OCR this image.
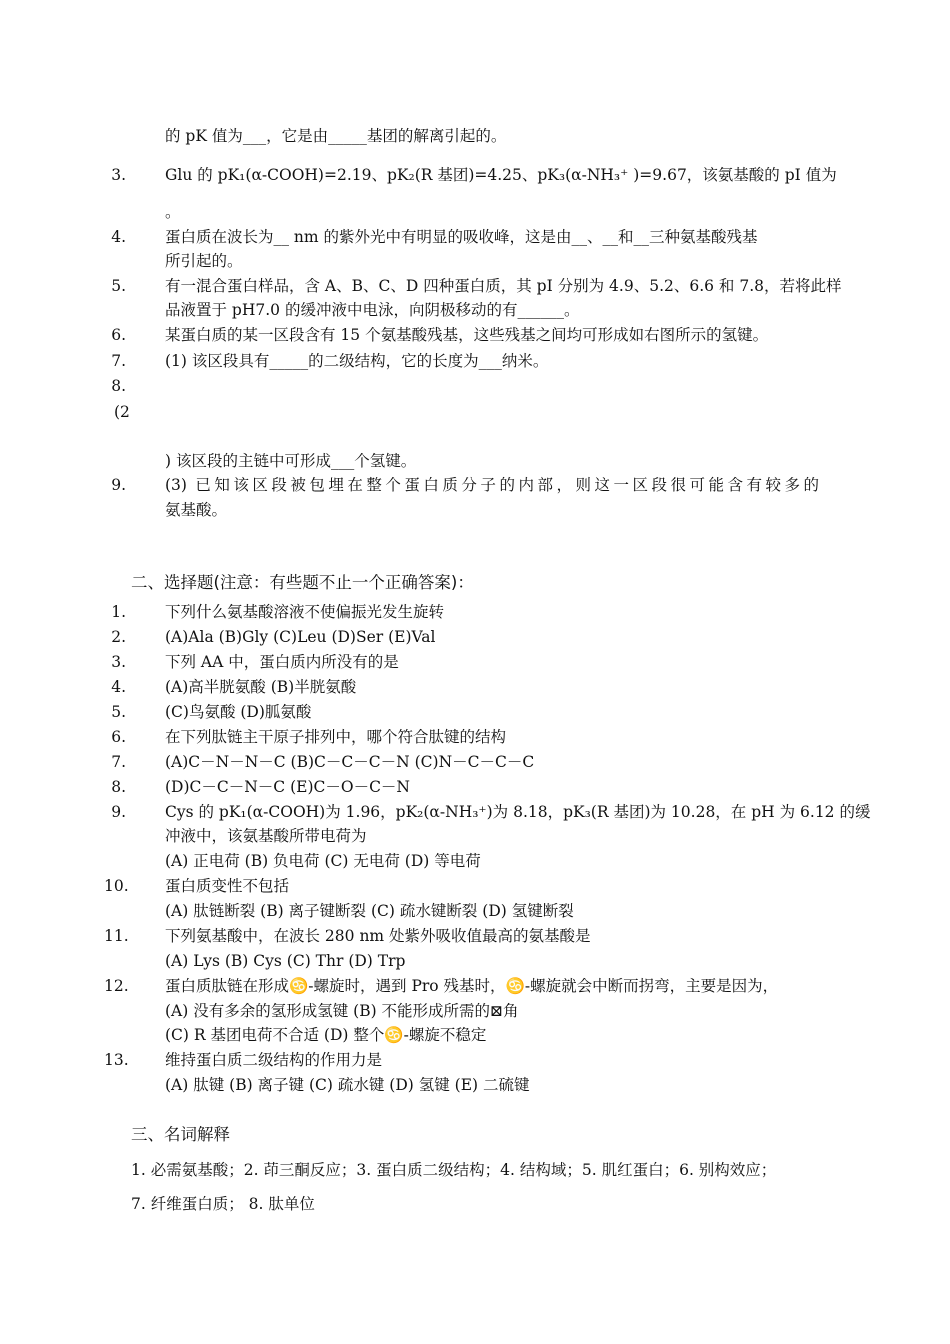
的 pK 值为___，它是由_____基团的解离引起的。
3.	Glu 的 pK₁(α-COOH)=2.19、pK₂(R 基团)=4.25、pK₃(α-NH₃⁺ )=9.67，该氨基酸的 pI 值为
。
4.	蛋白质在波长为__ nm 的紫外光中有明显的吸收峰，这是由__、__和__三种氨基酸残基
所引起的。
5.	有一混合蛋白样品，含 A、B、C、D 四种蛋白质，其 pI 分别为 4.9、5.2、6.6 和 7.8，若将此样
品液置于 pH7.0 的缓冲液中电泳，向阴极移动的有______。
6.	某蛋白质的某一区段含有 15 个氨基酸残基，这些残基之间均可形成如右图所示的氢键。
7.	(1) 该区段具有_____的二级结构，它的长度为___纳米。
8.
(2
) 该区段的主链中可形成___个氢键。
9.	(3) 已知该区段被包埋在整个蛋白质分子的内部，则这一区段很可能含有较多的
氨基酸。
二、选择题(注意：有些题不止一个正确答案)：
1.	下列什么氨基酸溶液不使偏振光发生旋转
2.	(A)Ala (B)Gly (C)Leu (D)Ser (E)Val
3.	下列 AA 中，蛋白质内所没有的是
4.	(A)高半胱氨酸 (B)半胱氨酸
5.	(C)鸟氨酸 (D)胍氨酸
6.	在下列肽链主干原子排列中，哪个符合肽键的结构
7.	(A)C－N－N－C (B)C－C－C－N (C)N－C－C－C
8.	(D)C－C－N－C (E)C－O－C－N
9.	Cys 的 pK₁(α-COOH)为 1.96，pK₂(α-NH₃⁺)为 8.18，pK₃(R 基团)为 10.28，在 pH 为 6.12 的缓
冲液中，该氨基酸所带电荷为
(A) 正电荷 (B) 负电荷 (C) 无电荷 (D) 等电荷
10. 蛋白质变性不包括
(A) 肽链断裂 (B) 离子键断裂 (C) 疏水键断裂 (D) 氢键断裂
11. 下列氨基酸中，在波长 280 nm 处紫外吸收值最高的氨基酸是
(A) Lys (B) Cys (C) Thr (D) Trp
12. 蛋白质肽链在形成♋-螺旋时，遇到 Pro 残基时，♋-螺旋就会中断而拐弯，主要是因为，
(A) 没有多余的氢形成氢键 (B) 不能形成所需的⊠角
(C) R 基团电荷不合适 (D) 整个♋-螺旋不稳定
13. 维持蛋白质二级结构的作用力是
(A) 肽键 (B) 离子键 (C) 疏水键 (D) 氢键 (E) 二硫键
三、名词解释
1. 必需氨基酸；2. 茚三酮反应；3. 蛋白质二级结构；4. 结构域；5. 肌红蛋白；6. 别构效应；
7. 纤维蛋白质； 8. 肽单位
